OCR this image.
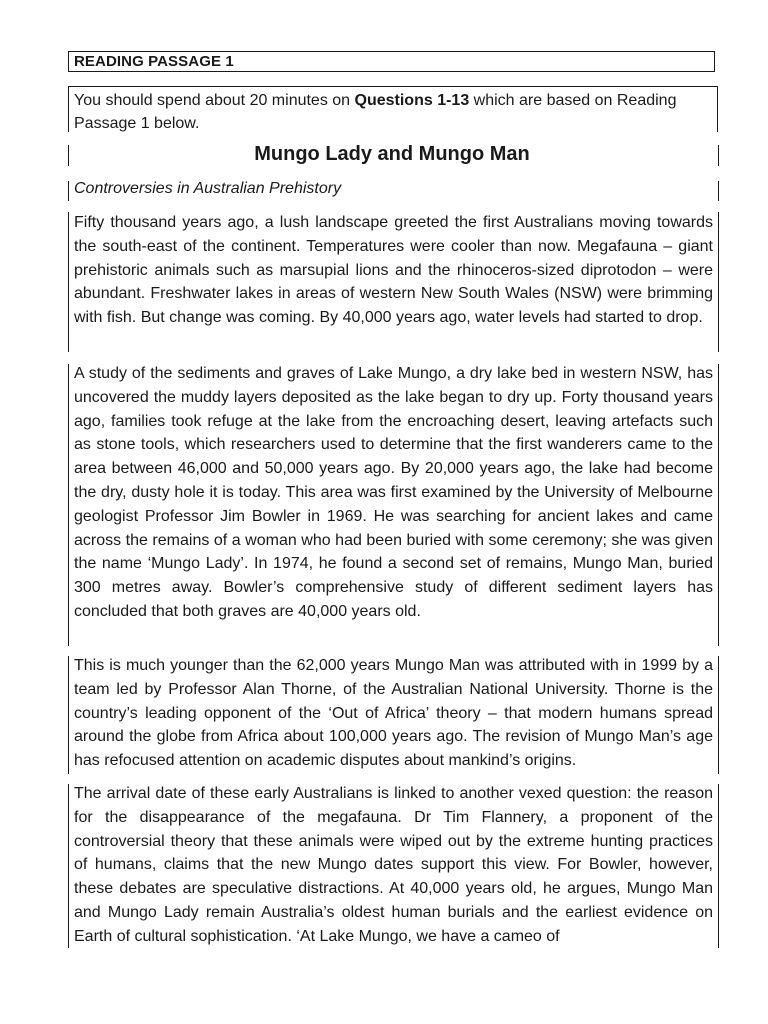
READING PASSAGE 1

You should spend about 20 minutes on Questions 1-13 which are based on Reading Passage 1 below.

Mungo Lady and Mungo Man
Controversies in Australian Prehistory

Fifty thousand years ago, a lush landscape greeted the first Australians moving towards the south-east of the continent. Temperatures were cooler than now. Megafauna – giant prehistoric animals such as marsupial lions and the rhinoceros-sized diprotodon – were abundant. Freshwater lakes in areas of western New South Wales (NSW) were brimming with fish. But change was coming. By 40,000 years ago, water levels had started to drop.

A study of the sediments and graves of Lake Mungo, a dry lake bed in western NSW, has uncovered the muddy layers deposited as the lake began to dry up. Forty thousand years ago, families took refuge at the lake from the encroaching desert, leaving artefacts such as stone tools, which researchers used to determine that the first wanderers came to the area between 46,000 and 50,000 years ago. By 20,000 years ago, the lake had become the dry, dusty hole it is today. This area was first examined by the University of Melbourne geologist Professor Jim Bowler in 1969. He was searching for ancient lakes and came across the remains of a woman who had been buried with some ceremony; she was given the name ‘Mungo Lady’. In 1974, he found a second set of remains, Mungo Man, buried 300 metres away. Bowler’s comprehensive study of different sediment layers has concluded that both graves are 40,000 years old.

This is much younger than the 62,000 years Mungo Man was attributed with in 1999 by a team led by Professor Alan Thorne, of the Australian National University. Thorne is the country’s leading opponent of the ‘Out of Africa’ theory – that modern humans spread around the globe from Africa about 100,000 years ago. The revision of Mungo Man’s age has refocused attention on academic disputes about mankind’s origins.

The arrival date of these early Australians is linked to another vexed question: the reason for the disappearance of the megafauna. Dr Tim Flannery, a proponent of the controversial theory that these animals were wiped out by the extreme hunting practices of humans, claims that the new Mungo dates support this view. For Bowler, however, these debates are speculative distractions. At 40,000 years old, he argues, Mungo Man and Mungo Lady remain Australia’s oldest human burials and the earliest evidence on Earth of cultural sophistication. ‘At Lake Mungo, we have a cameo of
